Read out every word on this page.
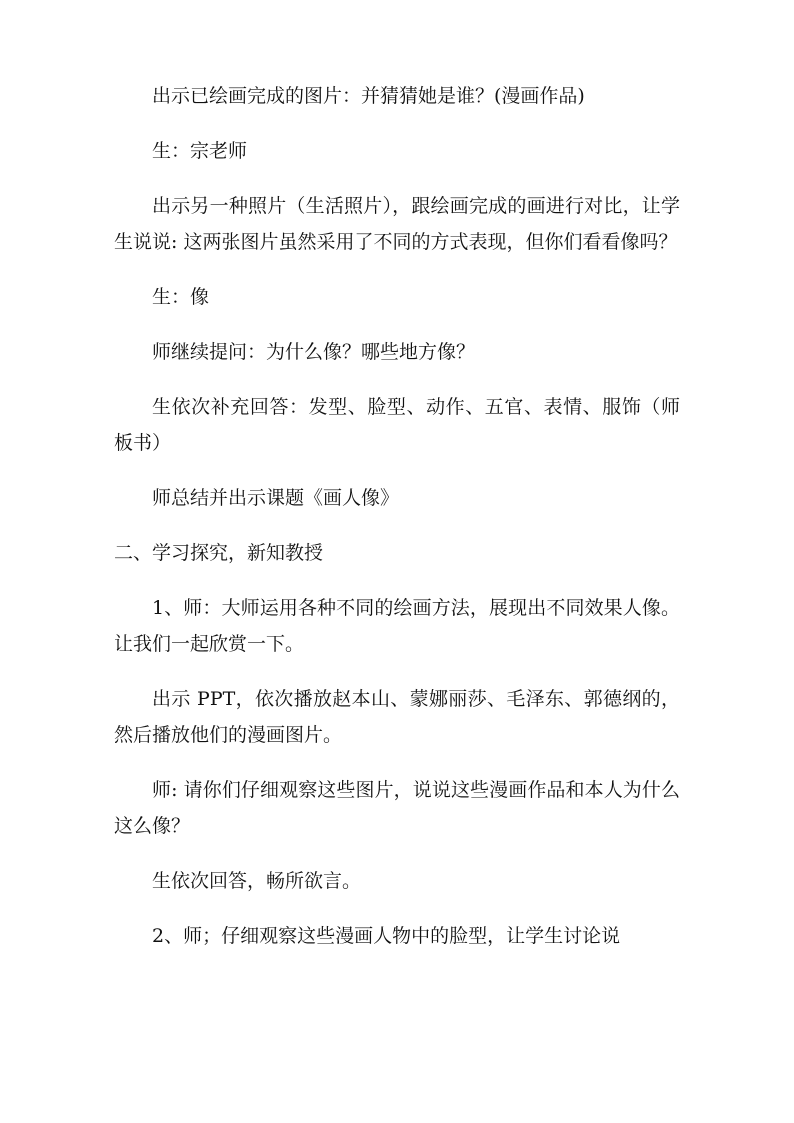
出示已绘画完成的图片：并猜猜她是谁？(漫画作品)

生：宗老师

出示另一种照片（生活照片），跟绘画完成的画进行对比，让学生说说: 这两张图片虽然采用了不同的方式表现，但你们看看像吗？

生：像

师继续提问：为什么像？哪些地方像？

生依次补充回答：发型、脸型、动作、五官、表情、服饰（师板书）

师总结并出示课题《画人像》

二、学习探究，新知教授

1、师：大师运用各种不同的绘画方法，展现出不同效果人像。让我们一起欣赏一下。

出示 PPT，依次播放赵本山、蒙娜丽莎、毛泽东、郭德纲的，然后播放他们的漫画图片。

师: 请你们仔细观察这些图片，说说这些漫画作品和本人为什么这么像？

生依次回答，畅所欲言。

2、师；仔细观察这些漫画人物中的脸型，让学生讨论说
